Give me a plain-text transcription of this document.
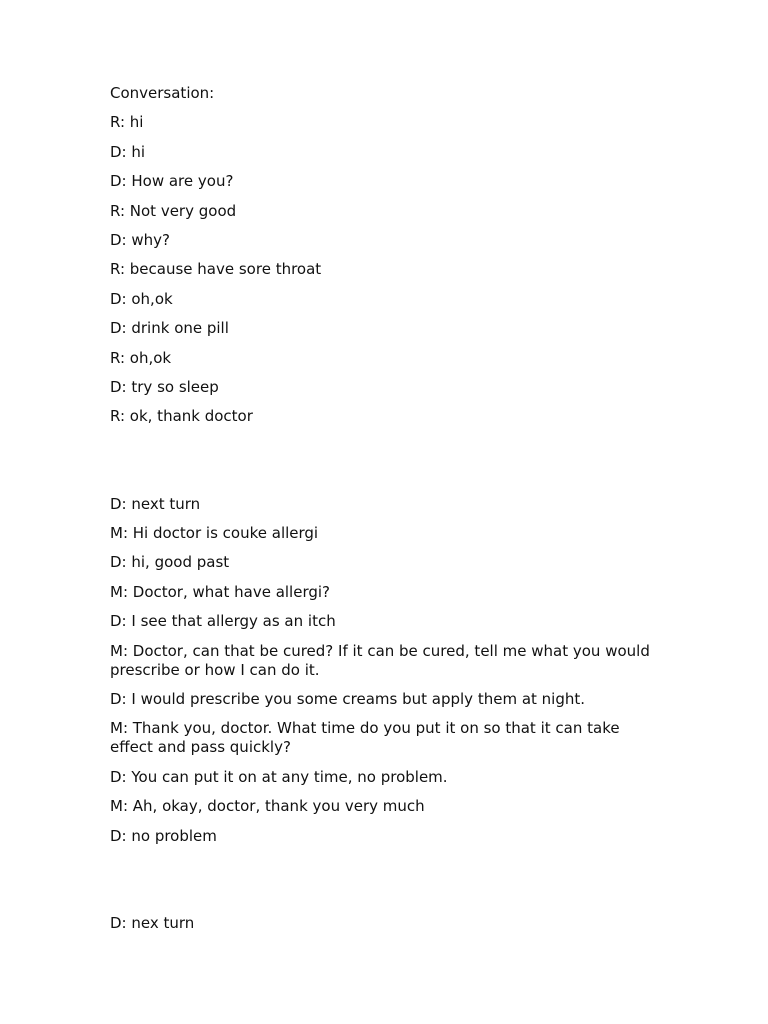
Conversation:

R: hi

D: hi

D: How are you?

R: Not very good

D: why?

R: because have sore throat

D: oh,ok

D: drink one pill

R: oh,ok

D: try so sleep

R: ok, thank doctor

D: next turn

M: Hi doctor is couke allergi

D: hi, good past

M: Doctor, what have allergi?

D: I see that allergy as an itch

M: Doctor, can that be cured? If it can be cured, tell me what you would prescribe or how I can do it.

D: I would prescribe you some creams but apply them at night.

M: Thank you, doctor. What time do you put it on so that it can take effect and pass quickly?

D: You can put it on at any time, no problem.

M: Ah, okay, doctor, thank you very much

D: no problem

D: nex turn
